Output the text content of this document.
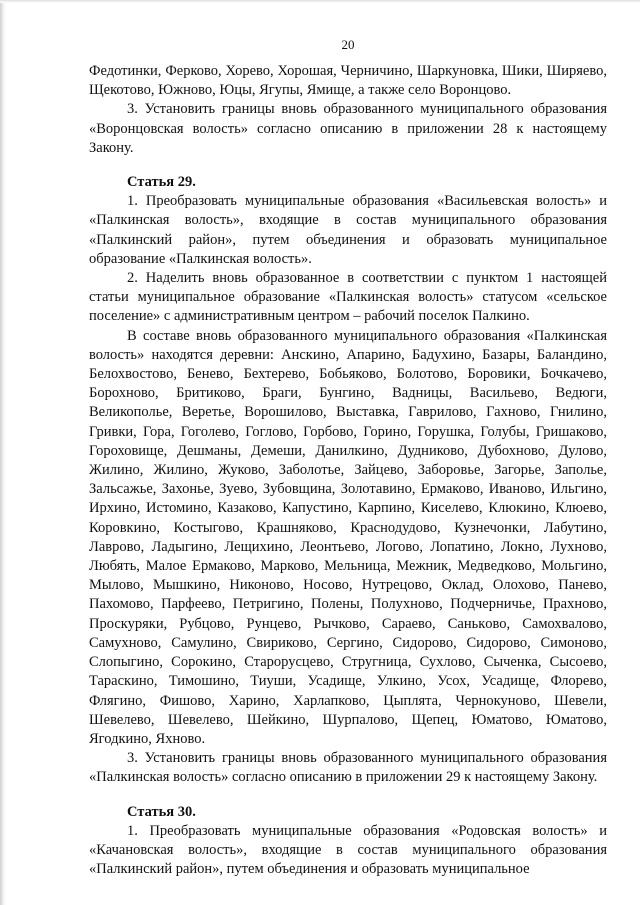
20

Федотинки, Ферково, Хорево, Хорошая, Черничино, Шаркуновка, Шики, Ширяево, Щекотово, Южново, Юцы, Ягупы, Ямище, а также село Воронцово.

3. Установить границы вновь образованного муниципального образования «Воронцовская волость» согласно описанию в приложении 28 к настоящему Закону.

Статья 29.

1. Преобразовать муниципальные образования «Васильевская волость» и «Палкинская волость», входящие в состав муниципального образования «Палкинский район», путем объединения и образовать муниципальное образование «Палкинская волость».

2. Наделить вновь образованное в соответствии с пунктом 1 настоящей статьи муниципальное образование «Палкинская волость» статусом «сельское поселение» с административным центром – рабочий поселок Палкино.

В составе вновь образованного муниципального образования «Палкинская волость» находятся деревни: Анскино, Апарино, Бадухино, Базары, Баландино, Белохвостово, Бенево, Бехтерево, Бобьяково, Болотово, Боровики, Бочкачево, Борохново, Бритиково, Браги, Бунгино, Вадницы, Васильево, Ведюги, Великополье, Веретье, Ворошилово, Выставка, Гаврилово, Гахново, Гнилино, Гривки, Гора, Гоголево, Гоглово, Горбово, Горино, Горушка, Голубы, Гришаково, Гороховище, Дешманы, Демеши, Данилкино, Дудниково, Дубохново, Дулово, Жилино, Жилино, Жуково, Заболотье, Зайцево, Заборовье, Загорье, Заполье, Зальсажье, Захонье, Зуево, Зубовщина, Золотавино, Ермаково, Иваново, Ильгино, Ирхино, Истомино, Казаково, Капустино, Карпино, Киселево, Клюкино, Клюево, Коровкино, Костыгово, Крашняково, Краснодудово, Кузнечонки, Лабутино, Лаврово, Ладыгино, Лещихино, Леонтьево, Логово, Лопатино, Локно, Лухново, Любять, Малое Ермаково, Марково, Мельница, Межник, Медведково, Мольгино, Мылово, Мышкино, Никоново, Носово, Нутрецово, Оклад, Олохово, Панево, Пахомово, Парфеево, Петригино, Полены, Полухново, Подчерничье, Прахново, Проскуряки, Рубцово, Рунцево, Рычково, Сараево, Санькoво, Самохвалово, Самухново, Самулино, Свириково, Сергино, Сидорово, Сидорово, Симоново, Слопыгино, Сорокино, Старорусцево, Стругница, Сухлово, Сыченка, Сысоево, Тараскино, Тимошино, Тиуши, Усадище, Улкино, Усох, Усадище, Флорево, Флягино, Фишово, Харино, Харлапково, Цыплята, Чернокуново, Шевели, Шевелево, Шевелево, Шейкино, Шурпалово, Щепец, Юматово, Юматово, Ягодкино, Яхново.

3. Установить границы вновь образованного муниципального образования «Палкинская волость» согласно описанию в приложении 29 к настоящему Закону.

Статья 30.

1. Преобразовать муниципальные образования «Родовская волость» и «Качановская волость», входящие в состав муниципального образования «Палкинский район», путем объединения и образовать муниципальное
